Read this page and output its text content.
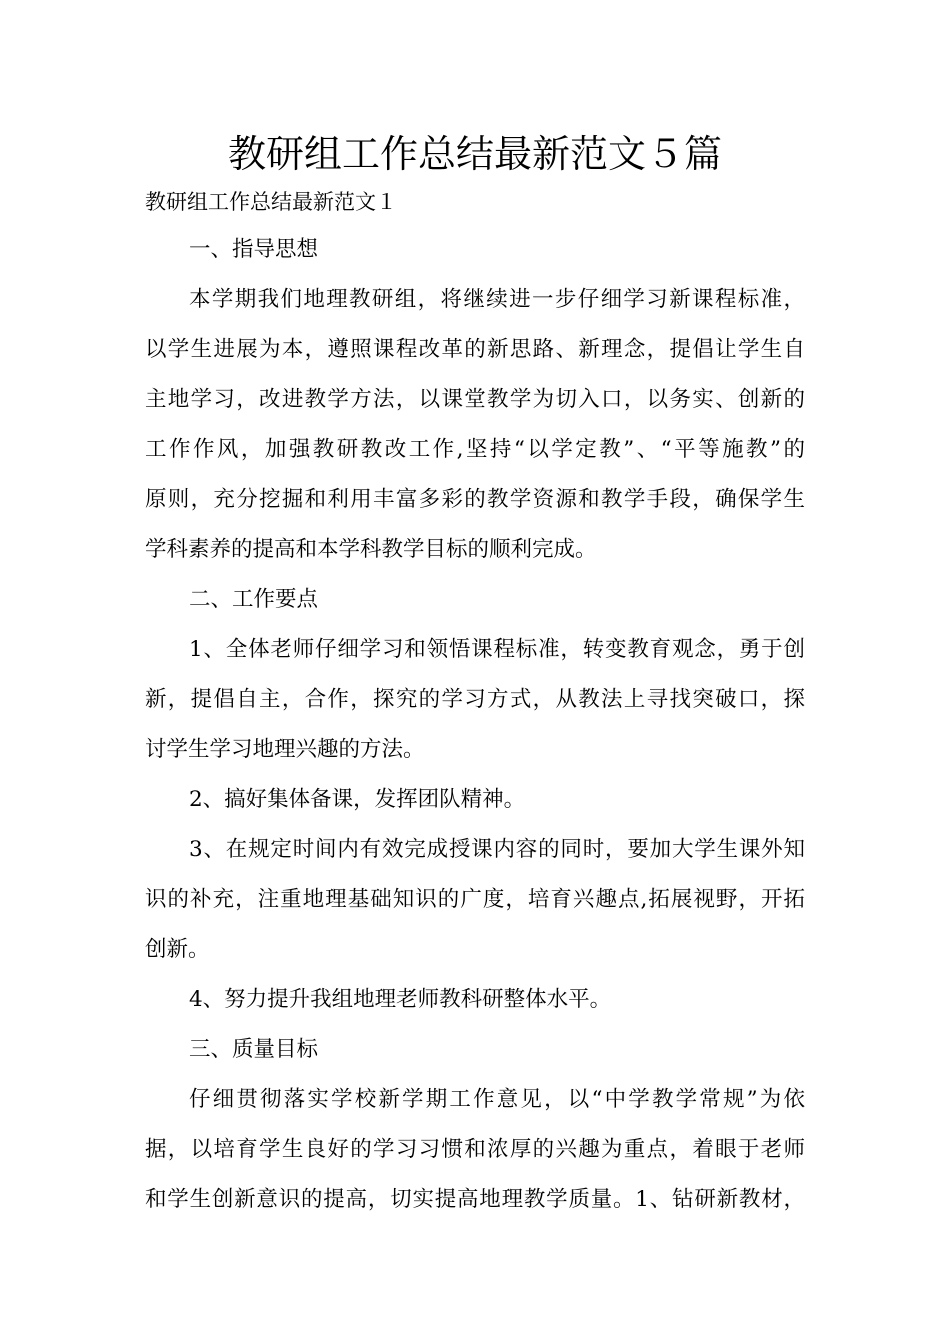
教研组工作总结最新范文５篇

教研组工作总结最新范文１

一、指导思想

本学期我们地理教研组，将继续进一步仔细学习新课程标准，
以学生进展为本，遵照课程改革的新思路、新理念，提倡让学生自
主地学习，改进教学方法，以课堂教学为切入口，以务实、创新的
工作作风，加强教研教改工作,坚持“以学定教”、“平等施教”的
原则，充分挖掘和利用丰富多彩的教学资源和教学手段，确保学生
学科素养的提高和本学科教学目标的顺利完成。

二、工作要点

1、全体老师仔细学习和领悟课程标准，转变教育观念，勇于创
新，提倡自主，合作，探究的学习方式，从教法上寻找突破口，探
讨学生学习地理兴趣的方法。

2、搞好集体备课，发挥团队精神。

3、在规定时间内有效完成授课内容的同时，要加大学生课外知
识的补充，注重地理基础知识的广度，培育兴趣点,拓展视野，开拓
创新。

4、努力提升我组地理老师教科研整体水平。

三、质量目标

仔细贯彻落实学校新学期工作意见，以“中学教学常规”为依
据，以培育学生良好的学习习惯和浓厚的兴趣为重点，着眼于老师
和学生创新意识的提高，切实提高地理教学质量。1、钻研新教材，
